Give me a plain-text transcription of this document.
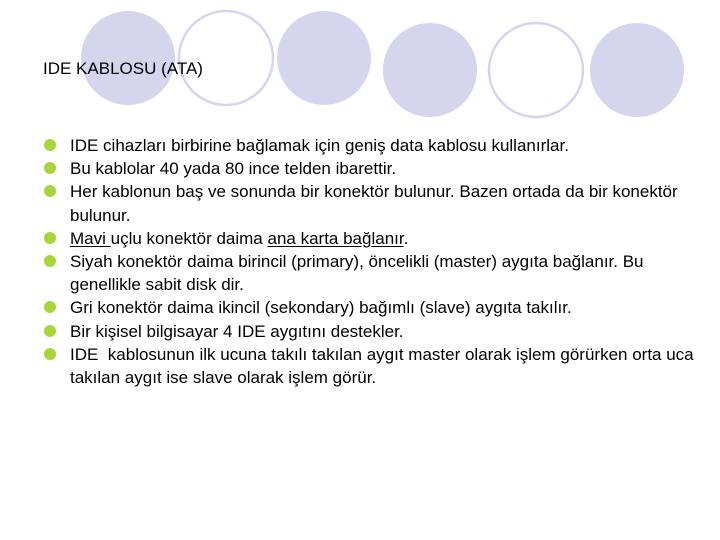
IDE KABLOSU (ATA)
IDE cihazları birbirine bağlamak için geniş data kablosu kullanırlar.
Bu kablolar 40 yada 80 ince telden ibarettir.
Her kablonun baş ve sonunda bir konektör bulunur. Bazen ortada da bir konektör bulunur.
Mavi uçlu konektör daima ana karta bağlanır.
Siyah konektör daima birincil (primary), öncelikli (master) aygıta bağlanır. Bu genellikle sabit disk dir.
Gri konektör daima ikincil (sekondary) bağımlı (slave) aygıta takılır.
Bir kişisel bilgisayar 4 IDE aygıtını destekler.
IDE  kablosunun ilk ucuna takılı takılan aygıt master olarak işlem görürken orta uca takılan aygıt ise slave olarak işlem görür.
